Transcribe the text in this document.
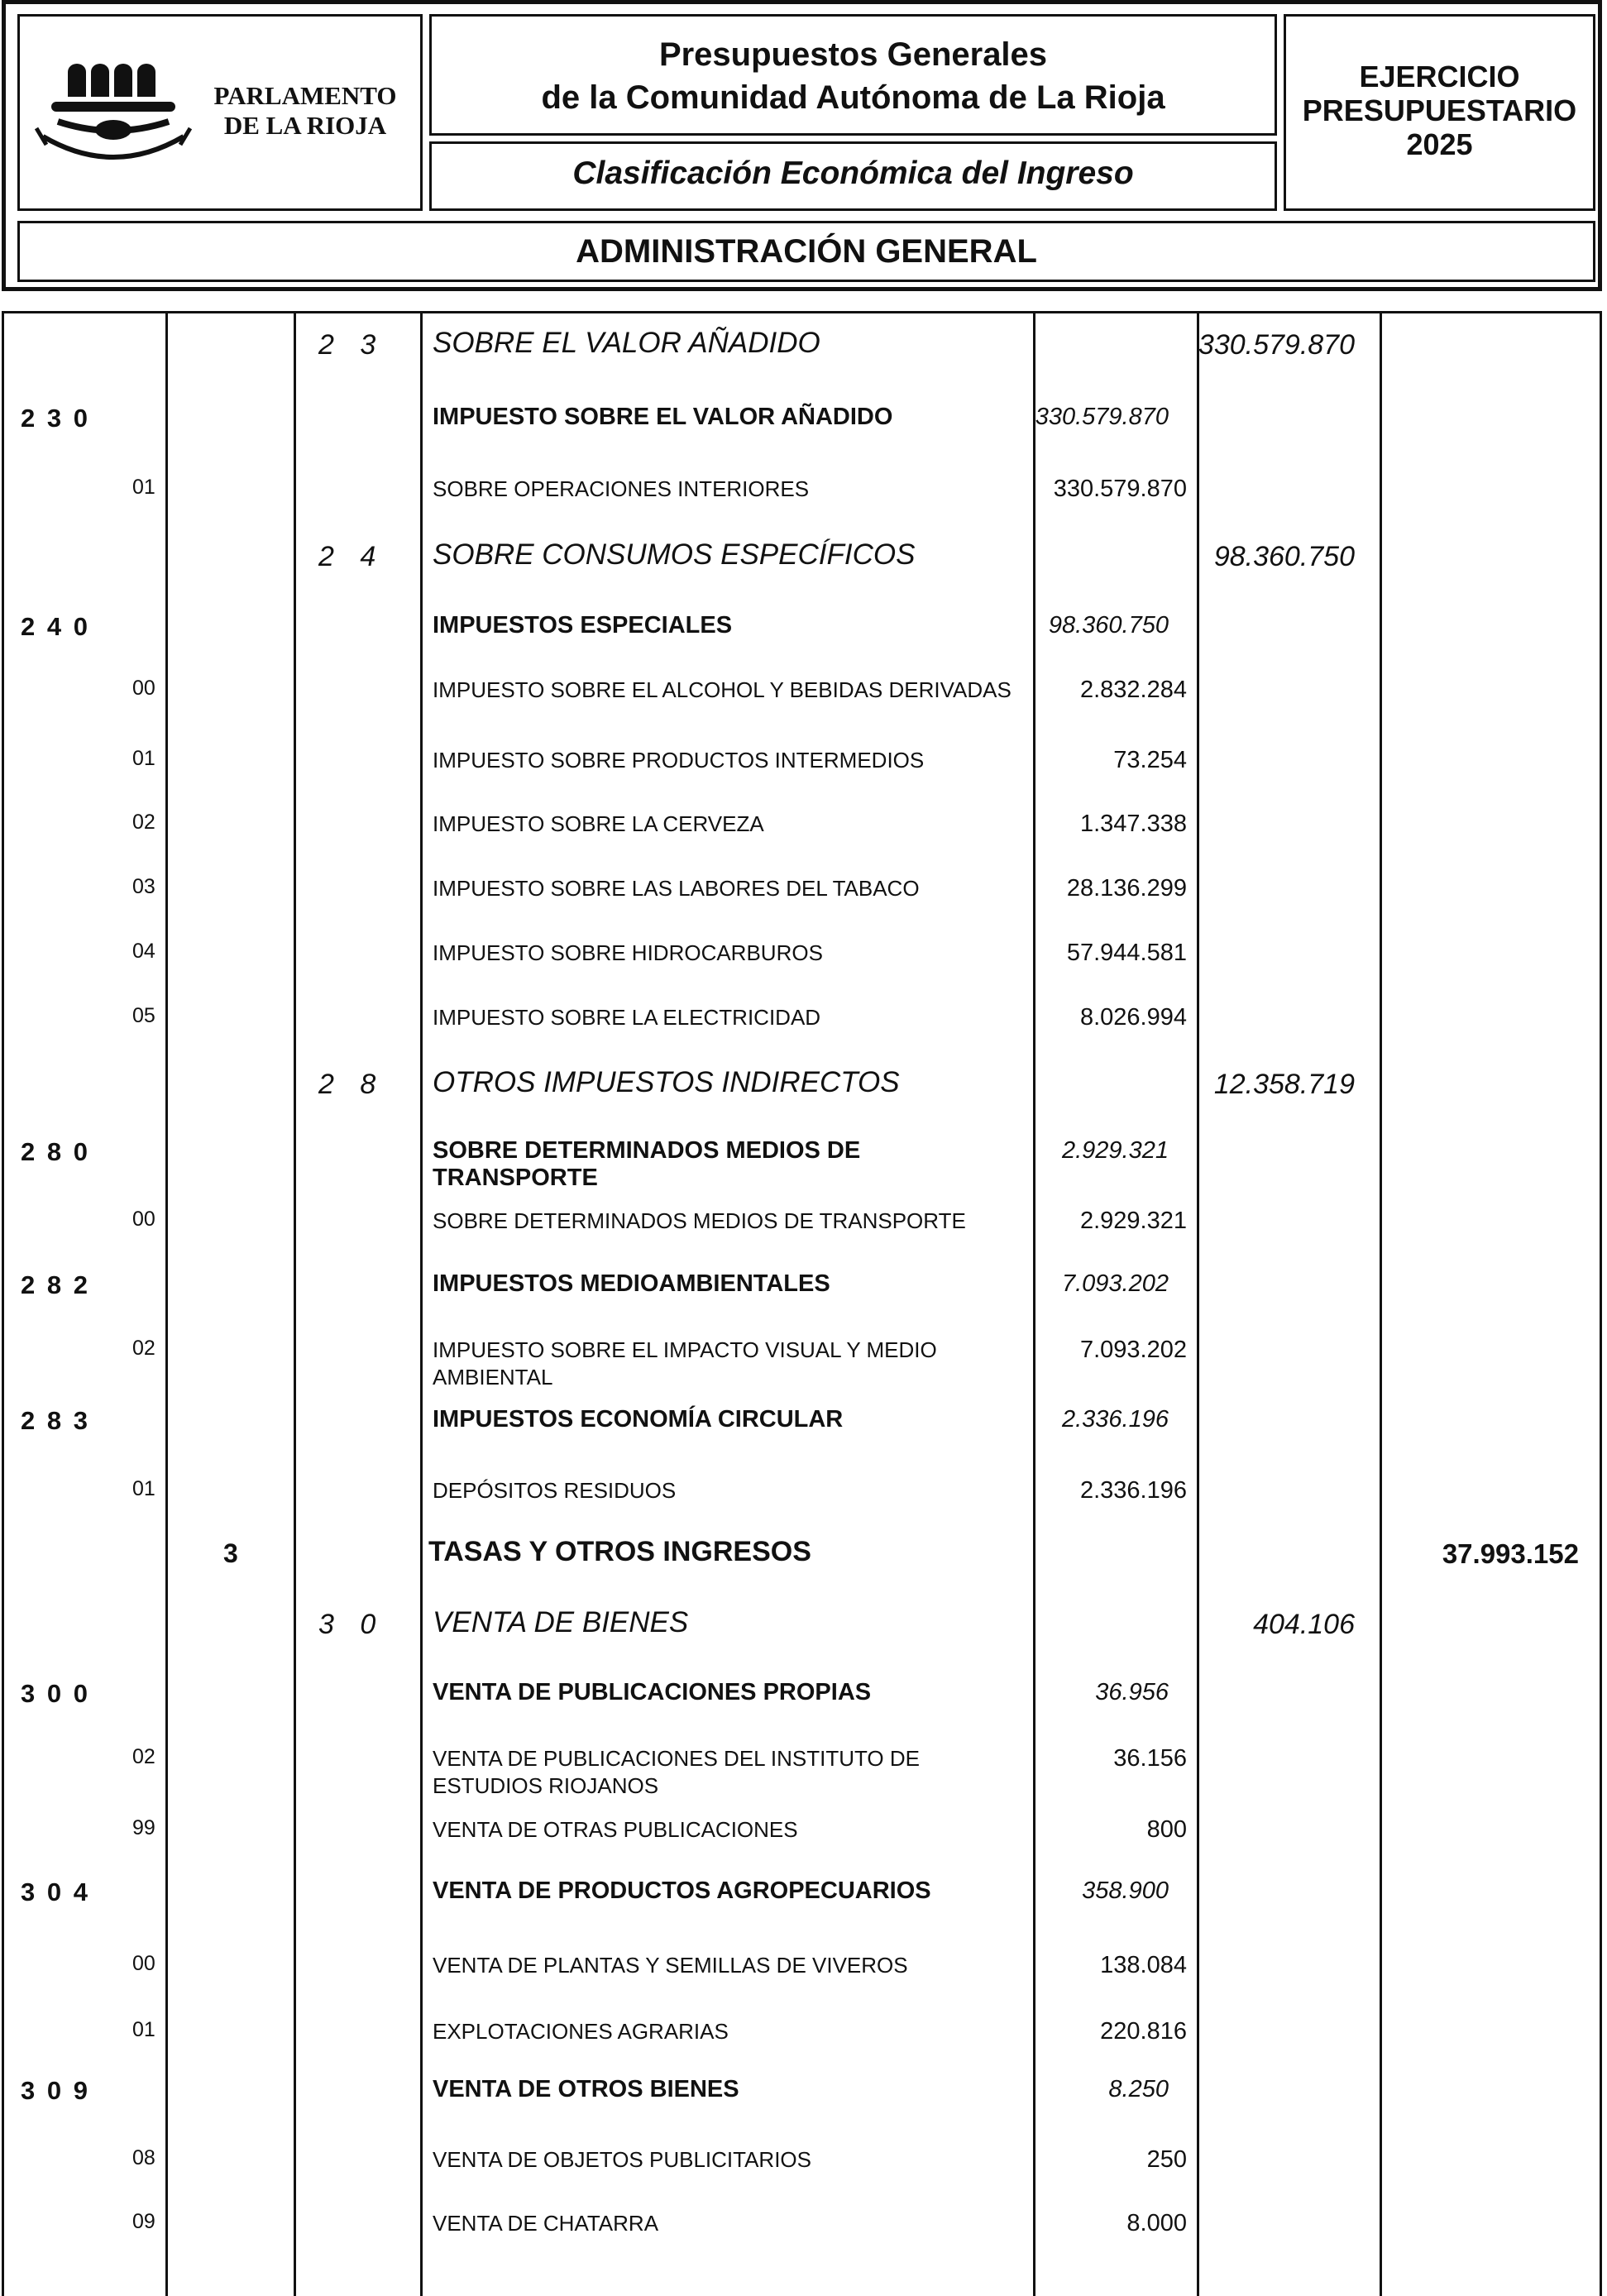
PARLAMENTO DE LA RIOJA
Presupuestos Generales
de la Comunidad Autónoma de La Rioja
Clasificación Económica del Ingreso
EJERCICIO
PRESUPUESTARIO
2025
ADMINISTRACIÓN GENERAL
2 3 SOBRE EL VALOR AÑADIDO	330.579.870
2 3 0	IMPUESTO SOBRE EL VALOR AÑADIDO	330.579.870
01	SOBRE OPERACIONES INTERIORES	330.579.870
2 4 SOBRE CONSUMOS ESPECÍFICOS	98.360.750
2 4 0	IMPUESTOS ESPECIALES	98.360.750
00	IMPUESTO SOBRE EL ALCOHOL Y BEBIDAS DERIVADAS	2.832.284
01	IMPUESTO SOBRE PRODUCTOS INTERMEDIOS	73.254
02	IMPUESTO SOBRE LA CERVEZA	1.347.338
03	IMPUESTO SOBRE LAS LABORES DEL TABACO	28.136.299
04	IMPUESTO SOBRE HIDROCARBUROS	57.944.581
05	IMPUESTO SOBRE LA ELECTRICIDAD	8.026.994
2 8 OTROS IMPUESTOS INDIRECTOS	12.358.719
2 8 0	SOBRE DETERMINADOS MEDIOS DE TRANSPORTE
2.929.321
00	SOBRE DETERMINADOS MEDIOS DE TRANSPORTE	2.929.321
2 8 2	IMPUESTOS MEDIOAMBIENTALES	7.093.202
02	IMPUESTO SOBRE EL IMPACTO VISUAL Y MEDIO AMBIENTAL
7.093.202
2 8 3	IMPUESTOS ECONOMÍA CIRCULAR	2.336.196
01	DEPÓSITOS RESIDUOS	2.336.196
3	TASAS Y OTROS INGRESOS	37.993.152
3 0 VENTA DE BIENES	404.106
3 0 0	VENTA DE PUBLICACIONES PROPIAS	36.956
02	VENTA DE PUBLICACIONES DEL INSTITUTO DE ESTUDIOS RIOJANOS
36.156
99	VENTA DE OTRAS PUBLICACIONES	800
3 0 4	VENTA DE PRODUCTOS AGROPECUARIOS	358.900
00	VENTA DE PLANTAS Y SEMILLAS DE VIVEROS	138.084
01	EXPLOTACIONES AGRARIAS	220.816
3 0 9	VENTA DE OTROS BIENES	8.250
08	VENTA DE OBJETOS PUBLICITARIOS	250
09	VENTA DE CHATARRA	8.000
